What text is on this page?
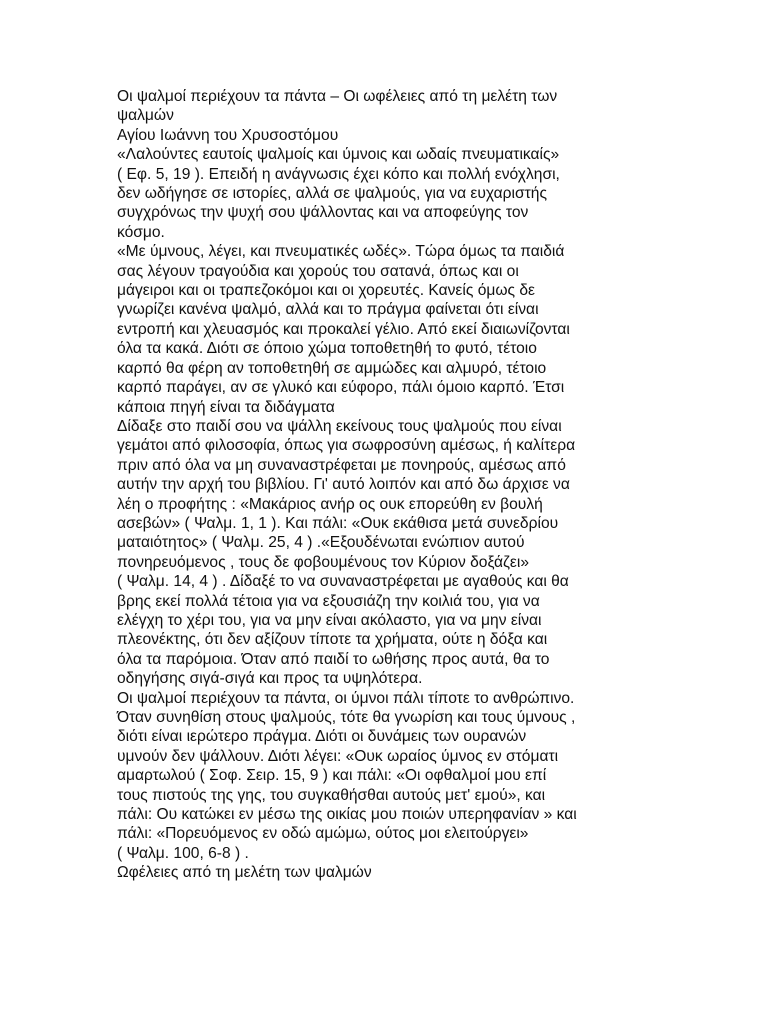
Οι ψαλμοί περιέχουν τα πάντα – Οι ωφέλειες από τη μελέτη των
ψαλμών
Αγίου Ιωάννη του Χρυσοστόμου
«Λαλούντες εαυτοίς ψαλμοίς και ύμνοις και ωδαίς πνευματικαίς»
( Εφ. 5, 19 ). Επειδή η ανάγνωσις έχει κόπο και πολλή ενόχλησι,
δεν ωδήγησε σε ιστορίες, αλλά σε ψαλμούς, για να ευχαριστής
συγχρόνως την ψυχή σου ψάλλοντας και να αποφεύγης τον
κόσμο.
«Με ύμνους, λέγει, και πνευματικές ωδές». Τώρα όμως τα παιδιά
σας λέγουν τραγούδια και χορούς του σατανά, όπως και οι
μάγειροι και οι τραπεζοκόμοι και οι χορευτές. Κανείς όμως δε
γνωρίζει κανένα ψαλμό, αλλά και το πράγμα φαίνεται ότι είναι
εντροπή και χλευασμός και προκαλεί γέλιο. Από εκεί διαιωνίζονται
όλα τα κακά. Διότι σε όποιο χώμα τοποθετηθή το φυτό, τέτοιο
καρπό θα φέρη αν τοποθετηθή σε αμμώδες και αλμυρό, τέτοιο
καρπό παράγει, αν σε γλυκό και εύφορο, πάλι όμοιο καρπό. Έτσι
κάποια πηγή είναι τα διδάγματα
Δίδαξε στο παιδί σου να ψάλλη εκείνους τους ψαλμούς που είναι
γεμάτοι από φιλοσοφία, όπως για σωφροσύνη αμέσως, ή καλίτερα
πριν από όλα να μη συναναστρέφεται με πονηρούς, αμέσως από
αυτήν την αρχή του βιβλίου. Γι' αυτό λοιπόν και από δω άρχισε να
λέη ο προφήτης : «Μακάριος ανήρ ος ουκ επορεύθη εν βουλή
ασεβών» ( Ψαλμ. 1, 1 ). Και πάλι: «Ουκ εκάθισα μετά συνεδρίου
ματαιότητος» ( Ψαλμ. 25, 4 ) .«Εξουδένωται ενώπιον αυτού
πονηρευόμενος , τους δε φοβουμένους τον Κύριον δοξάζει»
( Ψαλμ. 14, 4 ) . Δίδαξέ το να συναναστρέφεται με αγαθούς και θα
βρης εκεί πολλά τέτοια για να εξουσιάζη την κοιλιά του, για να
ελέγχη το χέρι του, για να μην είναι ακόλαστο, για να μην είναι
πλεονέκτης, ότι δεν αξίζουν τίποτε τα χρήματα, ούτε η δόξα και
όλα τα παρόμοια. Όταν από παιδί το ωθήσης προς αυτά, θα το
οδηγήσης σιγά-σιγά και προς τα υψηλότερα.
Οι ψαλμοί περιέχουν τα πάντα, οι ύμνοι πάλι τίποτε το ανθρώπινο.
Όταν συνηθίση στους ψαλμούς, τότε θα γνωρίση και τους ύμνους ,
διότι είναι ιερώτερο πράγμα. Διότι οι δυνάμεις των ουρανών
υμνούν δεν ψάλλουν. Διότι λέγει: «Ουκ ωραίος ύμνος εν στόματι
αμαρτωλού ( Σοφ. Σειρ. 15, 9 ) και πάλι: «Οι οφθαλμοί μου επί
τους πιστούς της γης, του συγκαθήσθαι αυτούς μετ' εμού», και
πάλι: Ου κατώκει εν μέσω της οικίας μου ποιών υπερηφανίαν » και
πάλι: «Πορευόμενος εν οδώ αμώμω, ούτος μοι ελειτούργει»
( Ψαλμ. 100, 6-8 ) .
Ωφέλειες από τη μελέτη των ψαλμών
